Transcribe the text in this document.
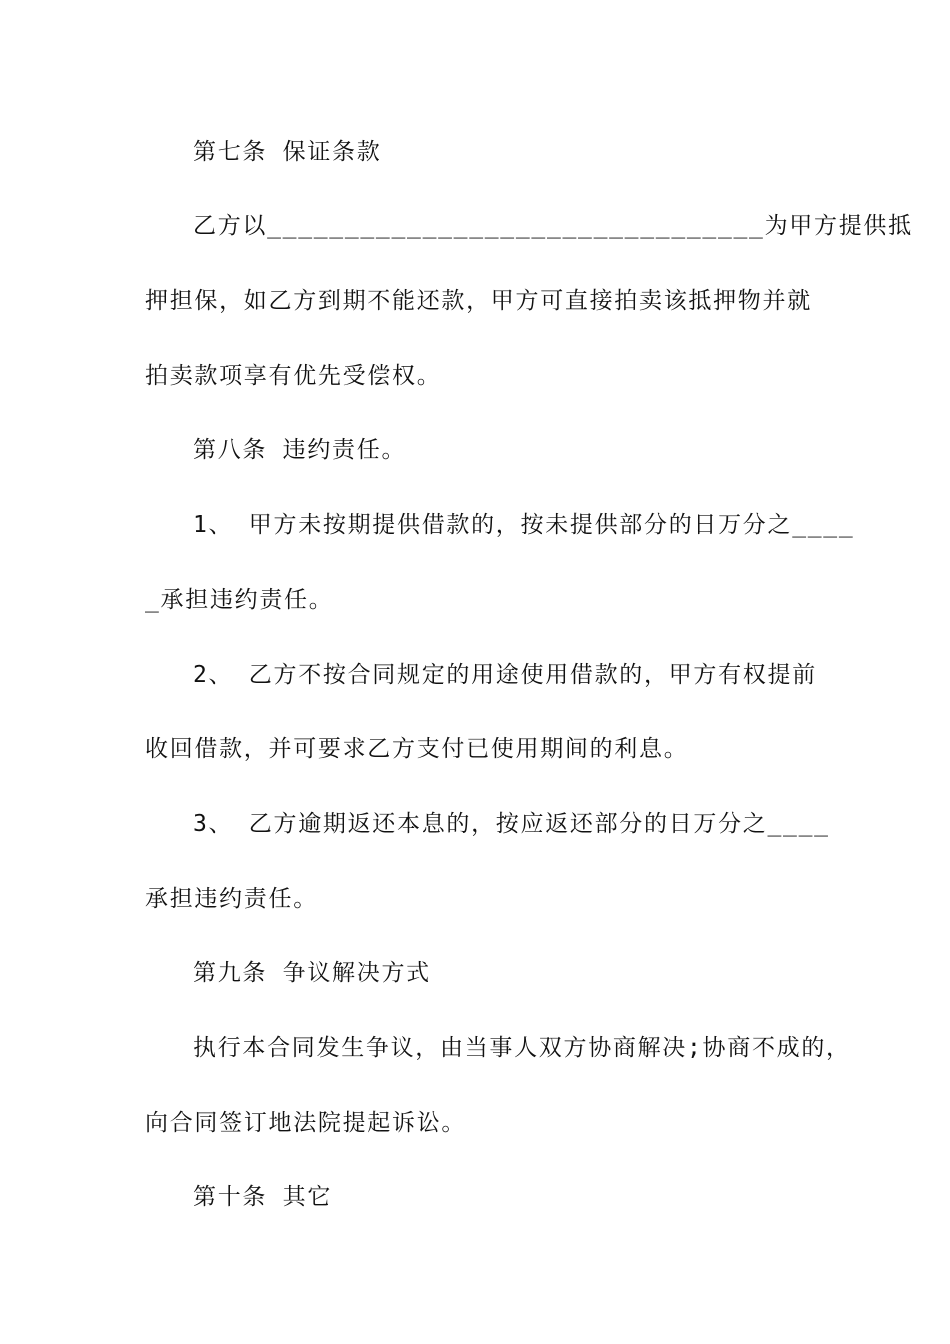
第七条 保证条款
乙方以________________________________为甲方提供抵
押担保，如乙方到期不能还款，甲方可直接拍卖该抵押物并就
拍卖款项享有优先受偿权。
第八条 违约责任。
1、 甲方未按期提供借款的，按未提供部分的日万分之____
_承担违约责任。
2、 乙方不按合同规定的用途使用借款的，甲方有权提前
收回借款，并可要求乙方支付已使用期间的利息。
3、 乙方逾期返还本息的，按应返还部分的日万分之____
承担违约责任。
第九条 争议解决方式
执行本合同发生争议，由当事人双方协商解决;协商不成的，
向合同签订地法院提起诉讼。
第十条 其它
